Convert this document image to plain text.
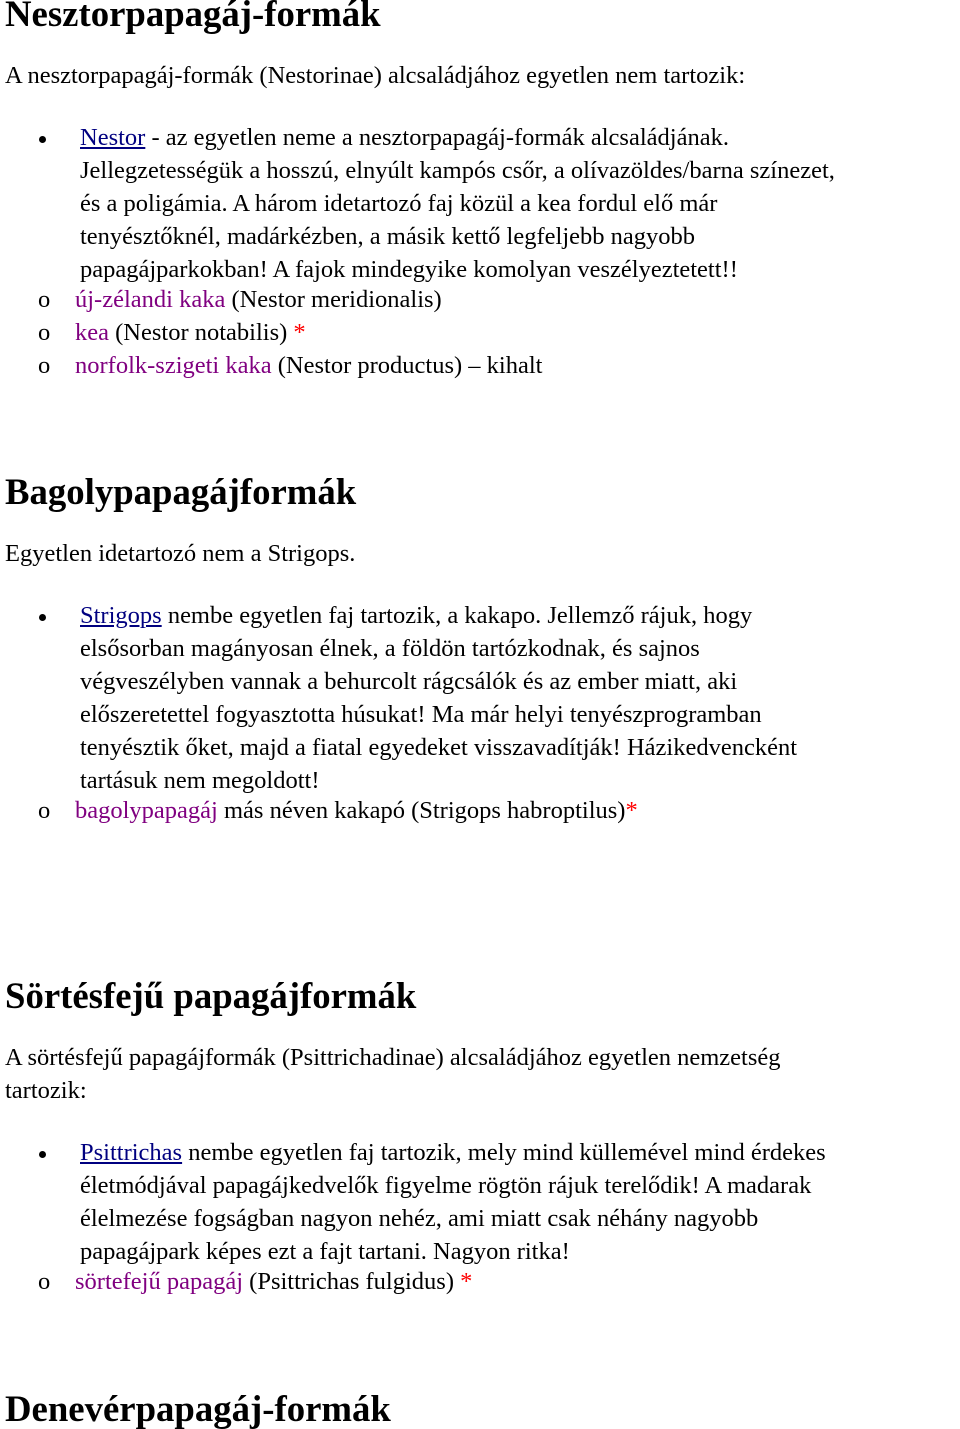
Nesztorpapagáj-formák

A nesztorpapagáj-formák (Nestorinae) alcsaládjához egyetlen nem tartozik:

Nestor - az egyetlen neme a nesztorpapagáj-formák alcsaládjának.
Jellegzetességük a hosszú, elnyúlt kampós csőr, a olívazöldes/barna színezet,
és a poligámia. A három idetartozó faj közül a kea fordul elő már
tenyésztőknél, madárkézben, a másik kettő legfeljebb nagyobb
papagájparkokban! A fajok mindegyike komolyan veszélyeztetett!!
o	új-zélandi kaka (Nestor meridionalis)
o	kea (Nestor notabilis) *
o	norfolk-szigeti kaka (Nestor productus) – kihalt
Bagolypapagájformák

Egyetlen idetartozó nem a Strigops.

Strigops nembe egyetlen faj tartozik, a kakapo. Jellemző rájuk, hogy
elsősorban magányosan élnek, a földön tartózkodnak, és sajnos
végveszélyben vannak a behurcolt rágcsálók és az ember miatt, aki
előszeretettel fogyasztotta húsukat! Ma már helyi tenyészprogramban
tenyésztik őket, majd a fiatal egyedeket visszavadítják! Házikedvencként
tartásuk nem megoldott!
o	bagolypapagáj más néven kakapó (Strigops habroptilus)*
Sörtésfejű papagájformák

A sörtésfejű papagájformák (Psittrichadinae) alcsaládjához egyetlen nemzetség
tartozik:

Psittrichas nembe egyetlen faj tartozik, mely mind küllemével mind érdekes
életmódjával papagájkedvelők figyelme rögtön rájuk terelődik! A madarak
élelmezése fogságban nagyon nehéz, ami miatt csak néhány nagyobb
papagájpark képes ezt a fajt tartani. Nagyon ritka!
o	sörtefejű papagáj (Psittrichas fulgidus) *
Denevérpapagáj-formák
